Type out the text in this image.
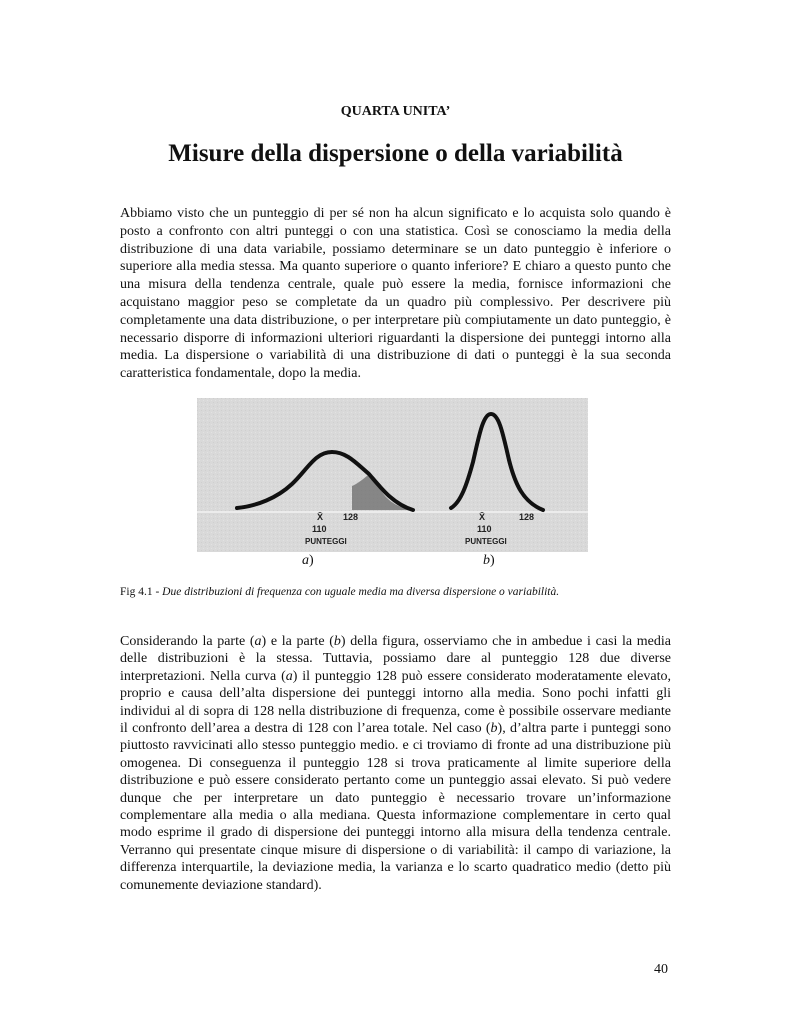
QUARTA UNITA’
Misure della dispersione o della variabilità

Abbiamo visto che un punteggio di per sé non ha alcun significato e lo acquista solo quando è posto a confronto con altri punteggi o con una statistica. Così se conosciamo la media della distribuzione di una data variabile, possiamo determinare se un dato punteggio è inferiore o superiore alla media stessa. Ma quanto superiore o quanto inferiore? E chiaro a questo punto che una misura della tendenza centrale, quale può essere la media, fornisce informazioni che acquistano maggior peso se completate da un quadro più complessivo. Per descrivere più completamente una data distribuzione, o per interpretare più compiutamente un dato punteggio, è necessario disporre di informazioni ulteriori riguardanti la dispersione dei punteggi intorno alla media. La dispersione o variabilità di una distribuzione di dati o punteggi è la sua seconda caratteristica fondamentale, dopo la media.

X̄ 128
110
PUNTEGGI
X̄	128
110
PUNTEGGI
a)	b)
Fig 4.1 - Due distribuzioni di frequenza con uguale media ma diversa dispersione o variabilità.

Considerando la parte (a) e la parte (b) della figura, osserviamo che in ambedue i casi la media delle distribuzioni è la stessa. Tuttavia, possiamo dare al punteggio 128 due diverse interpretazioni. Nella curva (a) il punteggio 128 può essere considerato moderatamente elevato, proprio e causa dell’alta dispersione dei punteggi intorno alla media. Sono pochi infatti gli individui al di sopra di 128 nella distribuzione di frequenza, come è possibile osservare mediante il confronto dell’area a destra di 128 con l’area totale. Nel caso (b), d’altra parte i punteggi sono piuttosto ravvicinati allo stesso punteggio medio. e ci troviamo di fronte ad una distribuzione più omogenea. Di conseguenza il punteggio 128 si trova praticamente al limite superiore della distribuzione e può essere considerato pertanto come un punteggio assai elevato. Si può vedere dunque che per interpretare un dato punteggio è necessario trovare un’informazione complementare alla media o alla mediana. Questa informazione complementare in certo qual modo esprime il grado di dispersione dei punteggi intorno alla misura della tendenza centrale. Verranno qui presentate cinque misure di dispersione o di variabilità: il campo di variazione, la differenza interquartile, la deviazione media, la varianza e lo scarto quadratico medio (detto più comunemente deviazione standard).

40
